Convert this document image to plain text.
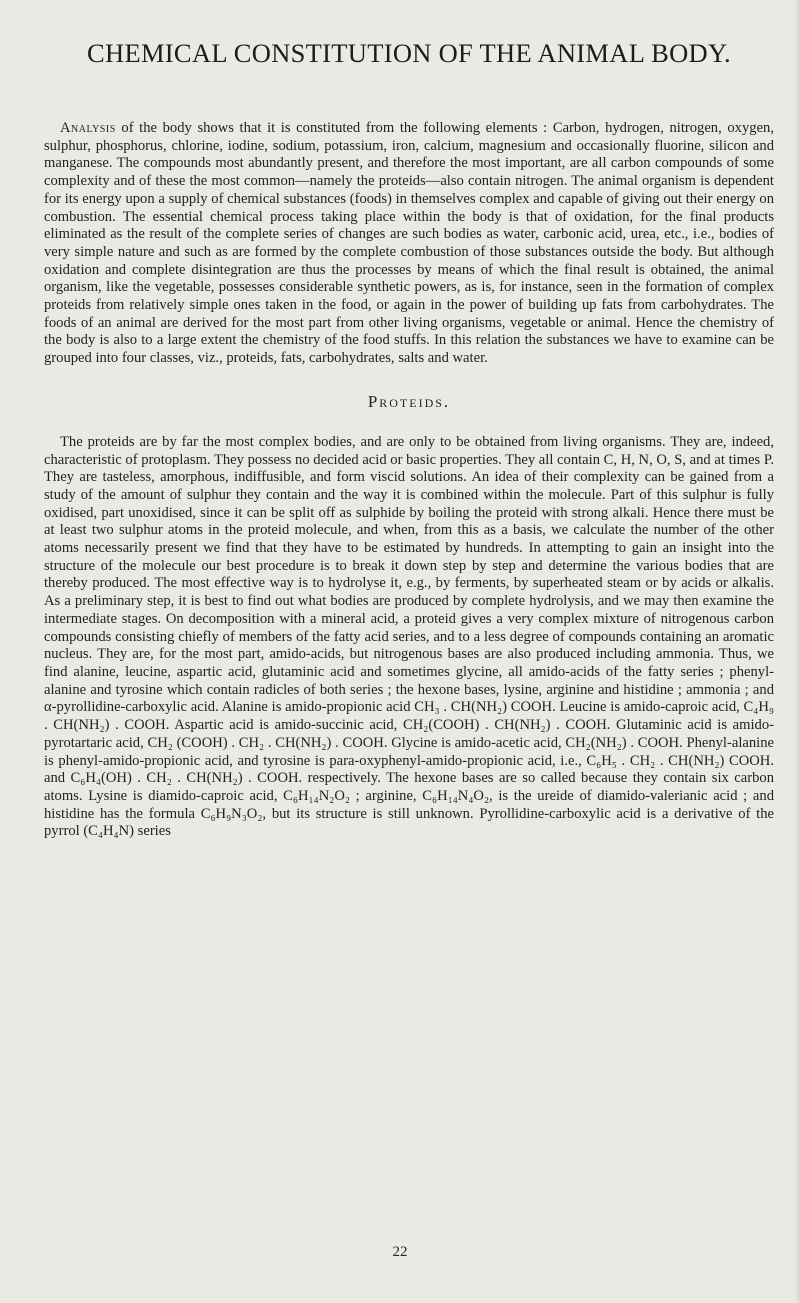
CHEMICAL CONSTITUTION OF THE ANIMAL BODY.

Analysis of the body shows that it is constituted from the following elements : Carbon, hydrogen, nitrogen, oxygen, sulphur, phosphorus, chlorine, iodine, sodium, potassium, iron, calcium, magnesium and occasionally fluorine, silicon and manganese. The compounds most abundantly present, and therefore the most important, are all carbon compounds of some complexity and of these the most common—namely the proteids—also contain nitrogen. The animal organism is dependent for its energy upon a supply of chemical substances (foods) in themselves complex and capable of giving out their energy on combustion. The essential chemical process taking place within the body is that of oxidation, for the final products eliminated as the result of the complete series of changes are such bodies as water, carbonic acid, urea, etc., i.e., bodies of very simple nature and such as are formed by the complete combustion of those substances outside the body. But although oxidation and complete disintegration are thus the processes by means of which the final result is obtained, the animal organism, like the vegetable, possesses considerable synthetic powers, as is, for instance, seen in the formation of complex proteids from relatively simple ones taken in the food, or again in the power of building up fats from carbohydrates. The foods of an animal are derived for the most part from other living organisms, vegetable or animal. Hence the chemistry of the body is also to a large extent the chemistry of the food stuffs. In this relation the substances we have to examine can be grouped into four classes, viz., proteids, fats, carbohydrates, salts and water.

Proteids.

The proteids are by far the most complex bodies, and are only to be obtained from living organisms. They are, indeed, characteristic of protoplasm. They possess no decided acid or basic properties. They all contain C, H, N, O, S, and at times P. They are tasteless, amorphous, indiffusible, and form viscid solutions. An idea of their complexity can be gained from a study of the amount of sulphur they contain and the way it is combined within the molecule. Part of this sulphur is fully oxidised, part unoxidised, since it can be split off as sulphide by boiling the proteid with strong alkali. Hence there must be at least two sulphur atoms in the proteid molecule, and when, from this as a basis, we calculate the number of the other atoms necessarily present we find that they have to be estimated by hundreds. In attempting to gain an insight into the structure of the molecule our best procedure is to break it down step by step and determine the various bodies that are thereby produced. The most effective way is to hydrolyse it, e.g., by ferments, by superheated steam or by acids or alkalis. As a preliminary step, it is best to find out what bodies are produced by complete hydrolysis, and we may then examine the intermediate stages. On decomposition with a mineral acid, a proteid gives a very complex mixture of nitrogenous carbon compounds consisting chiefly of members of the fatty acid series, and to a less degree of compounds containing an aromatic nucleus. They are, for the most part, amido-acids, but nitrogenous bases are also produced including ammonia. Thus, we find alanine, leucine, aspartic acid, glutaminic acid and sometimes glycine, all amido-acids of the fatty series ; phenyl-alanine and tyrosine which contain radicles of both series ; the hexone bases, lysine, arginine and histidine ; ammonia ; and α-pyrollidine-carboxylic acid. Alanine is amido-propionic acid CH₃ . CH(NH₂) COOH. Leucine is amido-caproic acid, C₄H₉ . CH(NH₂) . COOH. Aspartic acid is amido-succinic acid, CH₂(COOH) . CH(NH₂) . COOH. Glutaminic acid is amido-pyrotartaric acid, CH₂ (COOH) . CH₂ . CH(NH₂) . COOH. Glycine is amido-acetic acid, CH₂(NH₂) . COOH. Phenyl-alanine is phenyl-amido-propionic acid, and tyrosine is para-oxyphenyl-amido-propionic acid, i.e., C₆H₅ . CH₂ . CH(NH₂) COOH. and C₆H₄(OH) . CH₂ . CH(NH₂) . COOH. respectively. The hexone bases are so called because they contain six carbon atoms. Lysine is diamido-caproic acid, C₆H₁₄N₂O₂ ; arginine, C₆H₁₄N₄O₂, is the ureide of diamido-valerianic acid ; and histidine has the formula C₆H₉N₃O₂, but its structure is still unknown. Pyrollidine-carboxylic acid is a derivative of the pyrrol (C₄H₄N) series

22
